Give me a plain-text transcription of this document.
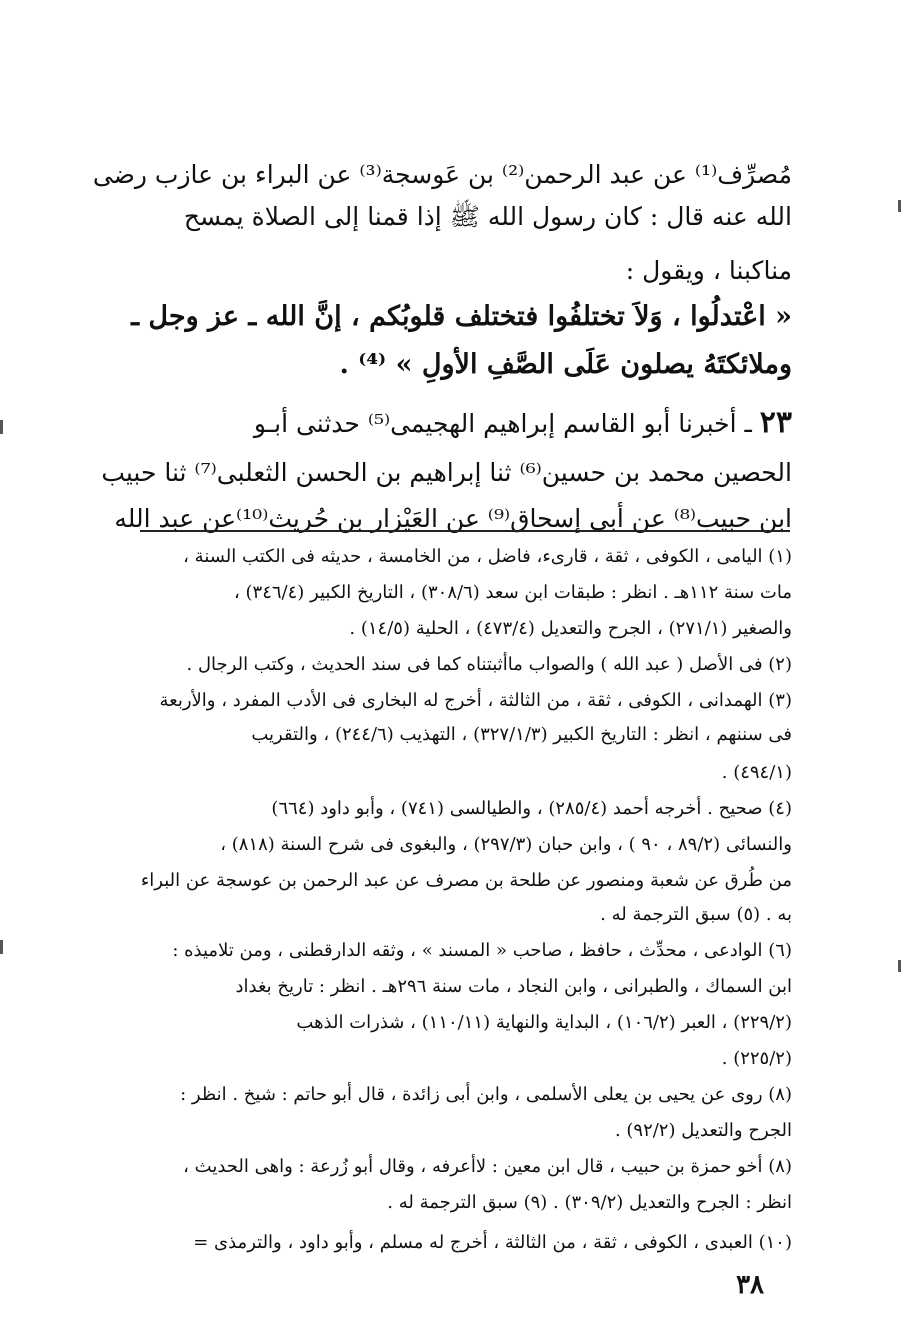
مُصرِّف⁽¹⁾ عن عبد الرحمن⁽²⁾ بن عَوسجة⁽³⁾ عن البراء بن عازب رضى
الله عنه قال : كان رسول الله ﷺ إذا قمنا إلى الصلاة يمسح
مناكبنا ، ويقول :
« اعْتدلُوا ، وَلاَ تختلفُوا فتختلف قلوبُكم ، إنَّ الله ـ عز وجل ـ
وملائكتَهُ يصلون عَلَى الصَّفِ الأولِ » ⁽⁴⁾ .
٢٣ ـ أخبرنا أبو القاسم إبراهيم الهجيمى⁽⁵⁾ حدثنى أبـو
الحصين محمد بن حسين⁽⁶⁾ ثنا إبراهيم بن الحسن الثعلبى⁽⁷⁾ ثنا حبيب
ابن حبيب⁽⁸⁾ عن أبى إسحاق⁽⁹⁾ عن العَيْزار بن حُريث⁽¹⁰⁾عن عبد الله
(١) اليامى ، الكوفى ، ثقة ، قارىء، فاضل ، من الخامسة ، حديثه فى الكتب السنة ،
مات سنة ١١٢هـ . انظر : طبقات ابن سعد (٣٠٨/٦) ، التاريخ الكبير (٣٤٦/٤) ،
والصغير (٢٧١/١) ، الجرح والتعديل (٤٧٣/٤) ، الحلية (١٤/٥) .
(٢) فى الأصل ( عبد الله ) والصواب ماأثبتناه كما فى سند الحديث ، وكتب الرجال .
(٣) الهمدانى ، الكوفى ، ثقة ، من الثالثة ، أخرج له البخارى فى الأدب المفرد ، والأربعة
فى سننهم ، انظر : التاريخ الكبير (٣٢٧/١/٣) ، التهذيب (٢٤٤/٦) ، والتقريب
(٤٩٤/١) .
(٤) صحيح . أخرجه أحمد (٢٨٥/٤) ، والطيالسى (٧٤١) ، وأبو داود (٦٦٤)
والنسائى (٨٩/٢ ، ٩٠ ) ، وابن حبان (٢٩٧/٣) ، والبغوى فى شرح السنة (٨١٨) ،
من طُرق عن شعبة ومنصور عن طلحة بن مصرف عن عبد الرحمن بن عوسجة عن البراء
به . (٥) سبق الترجمة له .
(٦) الوادعى ، محدِّث ، حافظ ، صاحب « المسند » ، وثقه الدارقطنى ، ومن تلاميذه :
ابن السماك ، والطبرانى ، وابن النجاد ، مات سنة ٢٩٦هـ . انظر : تاريخ بغداد
(٢٢٩/٢) ، العبر (١٠٦/٢) ، البداية والنهاية (١١٠/١١) ، شذرات الذهب
(٢٢٥/٢) .
(٨) روى عن يحيى بن يعلى الأسلمى ، وابن أبى زائدة ، قال أبو حاتم : شيخ . انظر :
الجرح والتعديل (٩٢/٢) .
(٨) أخو حمزة بن حبيب ، قال ابن معين : لاأعرفه ، وقال أبو زُرعة : واهى الحديث ،
انظر : الجرح والتعديل (٣٠٩/٢) . (٩) سبق الترجمة له .
(١٠) العبدى ، الكوفى ، ثقة ، من الثالثة ، أخرج له مسلم ، وأبو داود ، والترمذى =
٣٨
